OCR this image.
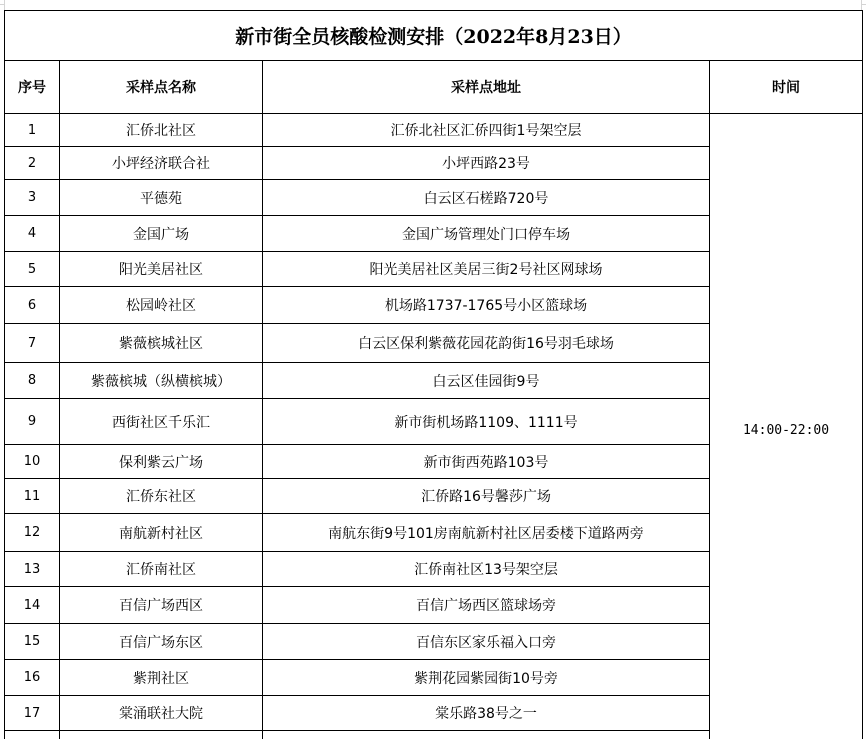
新市街全员核酸检测安排（2022年8月23日）			
序号	采样点名称	采样点地址	时间
1	汇侨北社区	汇侨北社区汇侨四街1号架空层	14:00-22:00
2	小坪经济联合社	小坪西路23号	
3	平德苑	白云区石槎路720号	
4	金国广场	金国广场管理处门口停车场	
5	阳光美居社区	阳光美居社区美居三街2号社区网球场	
6	松园岭社区	机场路1737-1765号小区篮球场	
7	紫薇槟城社区	白云区保利紫薇花园花韵街16号羽毛球场	
8	紫薇槟城（纵横槟城）	白云区佳园街9号	
9	西街社区千乐汇	新市街机场路1109、1111号	
10	保利紫云广场	新市街西苑路103号	
11	汇侨东社区	汇侨路16号馨莎广场	
12	南航新村社区	南航东街9号101房南航新村社区居委楼下道路两旁	
13	汇侨南社区	汇侨南社区13号架空层	
14	百信广场西区	百信广场西区篮球场旁	
15	百信广场东区	百信东区家乐福入口旁	
16	紫荆社区	紫荆花园紫园街10号旁	
17	棠涌联社大院	棠乐路38号之一	
